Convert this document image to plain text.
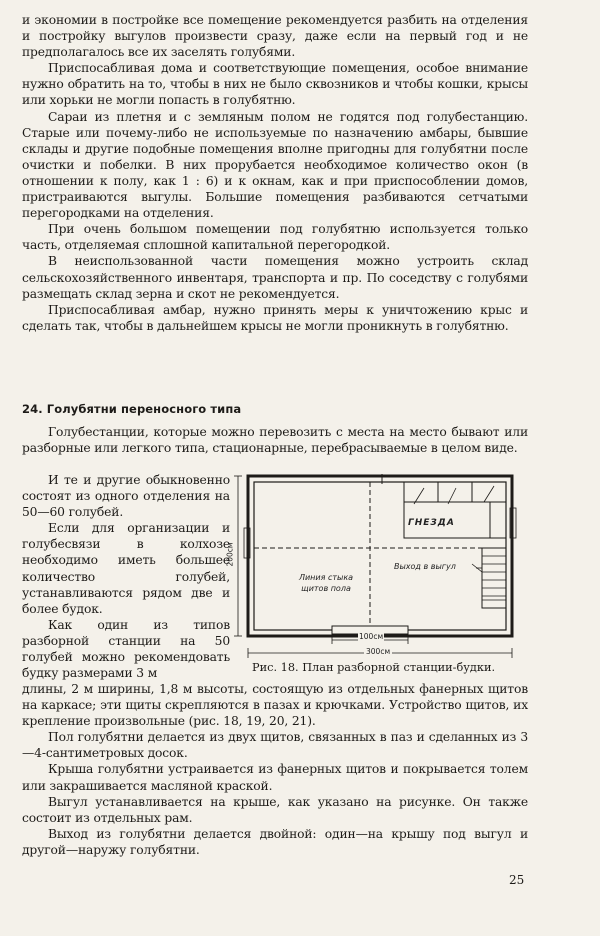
и экономии в постройке все помещение рекомендуется разбить на отделения и постройку выгулов произвести сразу, даже если на первый год и не предполагалось все их заселять голубями.

Приспосабливая дома и соответствующие помещения, особое внимание нужно обратить на то, чтобы в них не было сквозников и чтобы кошки, крысы или хорьки не могли попасть в голубятню.

Сараи из плетня и с земляным полом не годятся под голубестанцию. Старые или почему-либо не используемые по назначению амбары, бывшие склады и другие подобные помещения вполне пригодны для голубятни после очистки и побелки. В них прорубается необходимое количество окон (в отношении к полу, как 1 : 6) и к окнам, как и при приспособлении домов, пристраиваются выгулы. Большие помещения разбиваются сетчатыми перегородками на отделения.

При очень большом помещении под голубятню используется только часть, отделяемая сплошной капитальной перегородкой.

В неиспользованной части помещения можно устроить склад сельскохозяйственного инвентаря, транспорта и пр. По соседству с голубями размещать склад зерна и скот не рекомендуется.

Приспосабливая амбар, нужно принять меры к уничтожению крыс и сделать так, чтобы в дальнейшем крысы не могли проникнуть в голубятню.

24. Голубятни переносного типа

Голубестанции, которые можно перевозить с места на место бывают или разборные или легкого типа, стационарные, перебрасываемые в целом виде.

И те и другие обыкновенно состоят из одного отделения на 50—60 голубей.

Если для организации и голубесвязи в колхозе необходимо иметь большее количество голубей, устанавливаются рядом две и более будок.

Как один из типов разборной станции на 50 голубей можно рекомендовать будку размерами 3 м

ГНЕЗДА
Выход в выгул
Линия стыка щитов пола
200см
100см
300см
Рис. 18. План разборной станции-будки.

длины, 2 м ширины, 1,8 м высоты, состоящую из отдельных фанерных щитов на каркасе; эти щиты скрепляются в пазах и крючками. Устройство щитов, их крепление произвольные (рис. 18, 19, 20, 21).

Пол голубятни делается из двух щитов, связанных в паз и сделанных из 3—4-сантиметровых досок.

Крыша голубятни устраивается из фанерных щитов и покрывается толем или закрашивается масляной краской.

Выгул устанавливается на крыше, как указано на рисунке. Он также состоит из отдельных рам.

Выход из голубятни делается двойной: один—на крышу под выгул и другой—наружу голубятни.

25
